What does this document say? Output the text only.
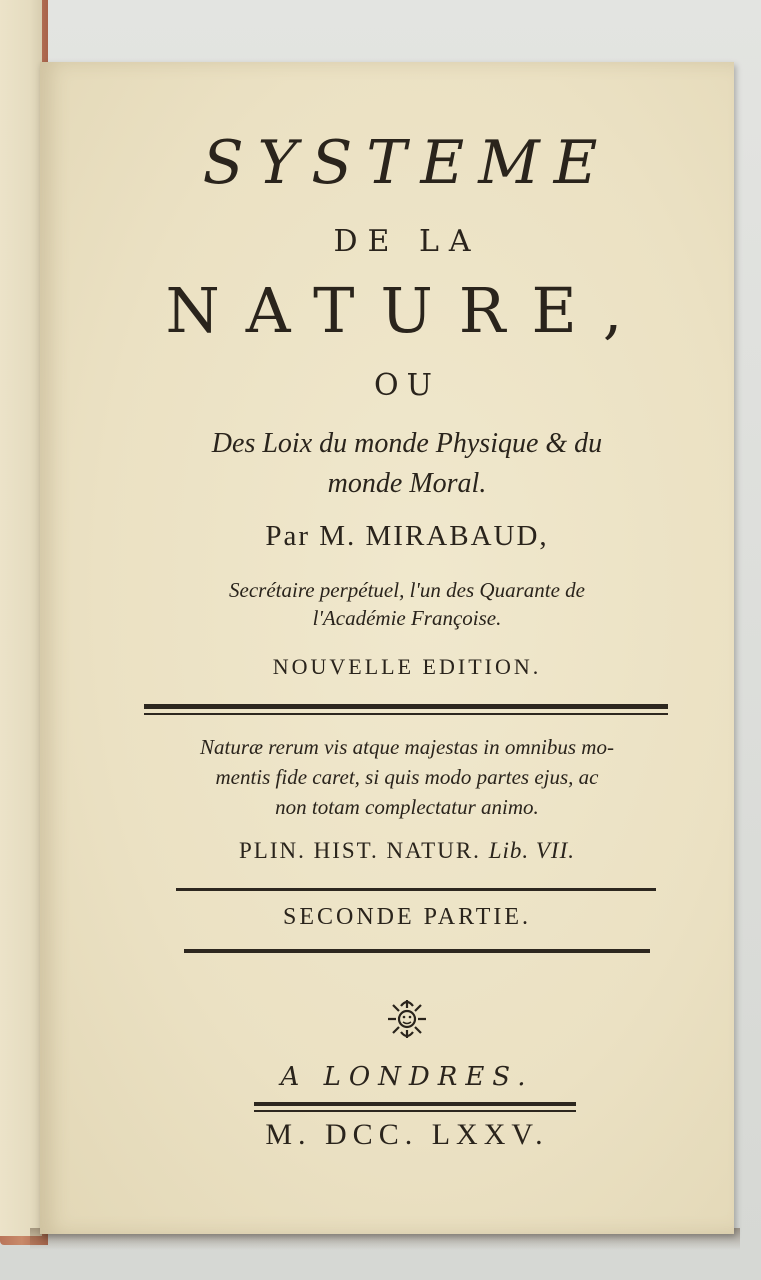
SYSTEME
DE LA
NATURE,
OU
Des Loix du monde Physique & du
monde Moral.
Par M. MIRABAUD,
Secrétaire perpétuel, l'un des Quarante de
l'Académie Françoise.
NOUVELLE EDITION.
Naturæ rerum vis atque majestas in omnibus mo-
mentis fide caret, si quis modo partes ejus, ac
non totam complectatur animo.
PLIN. HIST. NATUR. Lib. VII.
SECONDE PARTIE.
A LONDRES.
M. DCC. LXXV.
